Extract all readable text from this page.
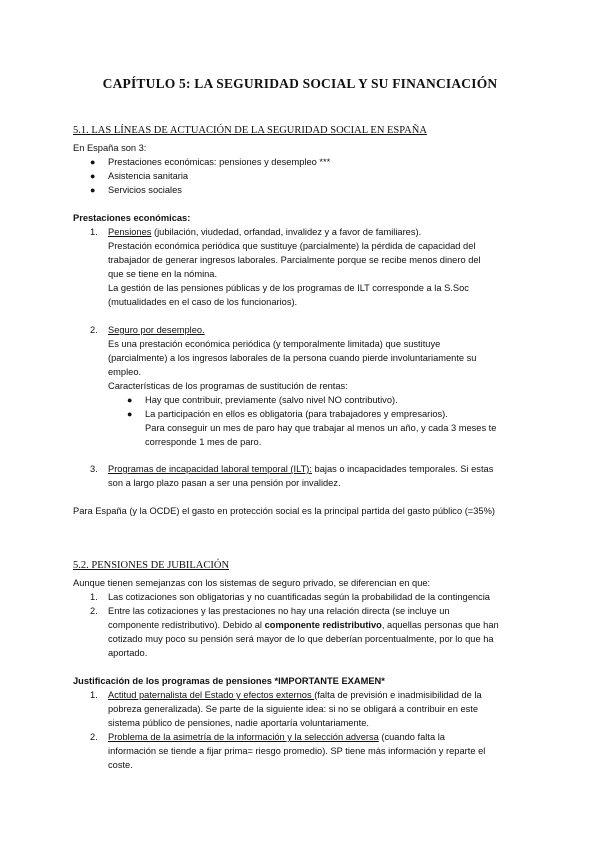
CAPÍTULO 5: LA SEGURIDAD SOCIAL Y SU FINANCIACIÓN
5.1. LAS LÍNEAS DE ACTUACIÓN DE LA SEGURIDAD SOCIAL EN ESPAÑA
En España son 3:
● Prestaciones económicas: pensiones y desempleo ***
● Asistencia sanitaria
● Servicios sociales
Prestaciones económicas:
1. Pensiones (jubilación, viudedad, orfandad, invalidez y a favor de familiares).
Prestación económica periódica que sustituye (parcialmente) la pérdida de capacidad del
trabajador de generar ingresos laborales. Parcialmente porque se recibe menos dinero del
que se tiene en la nómina.
La gestión de las pensiones públicas y de los programas de ILT corresponde a la S.Soc
(mutualidades en el caso de los funcionarios).
2. Seguro por desempleo.
Es una prestación económica periódica (y temporalmente limitada) que sustituye
(parcialmente) a los ingresos laborales de la persona cuando pierde involuntariamente su
empleo.
Características de los programas de sustitución de rentas:
● Hay que contribuir, previamente (salvo nivel NO contributivo).
● La participación en ellos es obligatoria (para trabajadores y empresarios).
Para conseguir un mes de paro hay que trabajar al menos un año, y cada 3 meses te
corresponde 1 mes de paro.
3. Programas de incapacidad laboral temporal (ILT): bajas o incapacidades temporales. Si estas
son a largo plazo pasan a ser una pensión por invalidez.
Para España (y la OCDE) el gasto en protección social es la principal partida del gasto público (=35%)
5.2. PENSIONES DE JUBILACIÓN
Aunque tienen semejanzas con los sistemas de seguro privado, se diferencian en que:
1. Las cotizaciones son obligatorias y no cuantificadas según la probabilidad de la contingencia
2. Entre las cotizaciones y las prestaciones no hay una relación directa (se incluye un
componente redistributivo). Debido al componente redistributivo, aquellas personas que han
cotizado muy poco su pensión será mayor de lo que deberían porcentualmente, por lo que ha
aportado.
Justificación de los programas de pensiones *IMPORTANTE EXAMEN*
1. Actitud paternalista del Estado y efectos externos (falta de previsión e inadmisibilidad de la
pobreza generalizada). Se parte de la siguiente idea: si no se obligará a contribuir en este
sistema público de pensiones, nadie aportaría voluntariamente.
2. Problema de la asimetría de la información y la selección adversa (cuando falta la
información se tiende a fijar prima= riesgo promedio). SP tiene más información y reparte el
coste.
